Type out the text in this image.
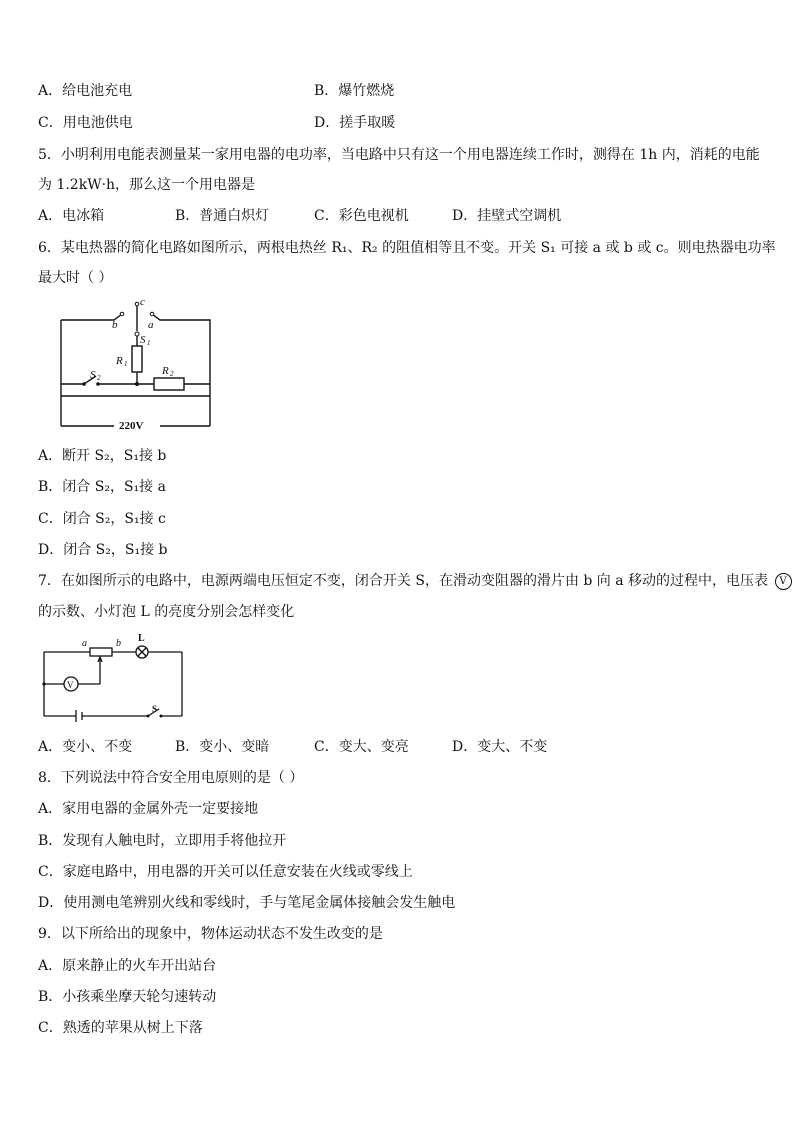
A．给电池充电	B．爆竹燃烧
C．用电池供电	D．搓手取暖
5．小明利用电能表测量某一家用电器的电功率，当电路中只有这一个用电器连续工作时，测得在 1h 内，消耗的电能
为 1.2kW·h，那么这一个用电器是
A．电冰箱	B．普通白炽灯	C．彩色电视机	D．挂壁式空调机
6．某电热器的简化电路如图所示，两根电热丝 R₁、R₂ 的阻值相等且不变。开关 S₁ 可接 a 或 b 或 c。则电热器电功率
最大时（ ）
c
b	a
S 1
S 2
R 1
R 2
220V
A．断开 S₂，S₁接 b
B．闭合 S₂，S₁接 a
C．闭合 S₂，S₁接 c
D．闭合 S₂，S₁接 b
7．在如图所示的电路中，电源两端电压恒定不变，闭合开关 S，在滑动变阻器的滑片由 b 向 a 移动的过程中，电压表 V
的示数、小灯泡 L 的亮度分别会怎样变化
a	b L
V
S
A．变小、不变	B．变小、变暗	C．变大、变亮	D．变大、不变
8．下列说法中符合安全用电原则的是（ ）
A．家用电器的金属外壳一定要接地
B．发现有人触电时，立即用手将他拉开
C．家庭电路中，用电器的开关可以任意安装在火线或零线上
D．使用测电笔辨别火线和零线时，手与笔尾金属体接触会发生触电
9．以下所给出的现象中，物体运动状态不发生改变的是
A．原来静止的火车开出站台
B．小孩乘坐摩天轮匀速转动
C．熟透的苹果从树上下落
